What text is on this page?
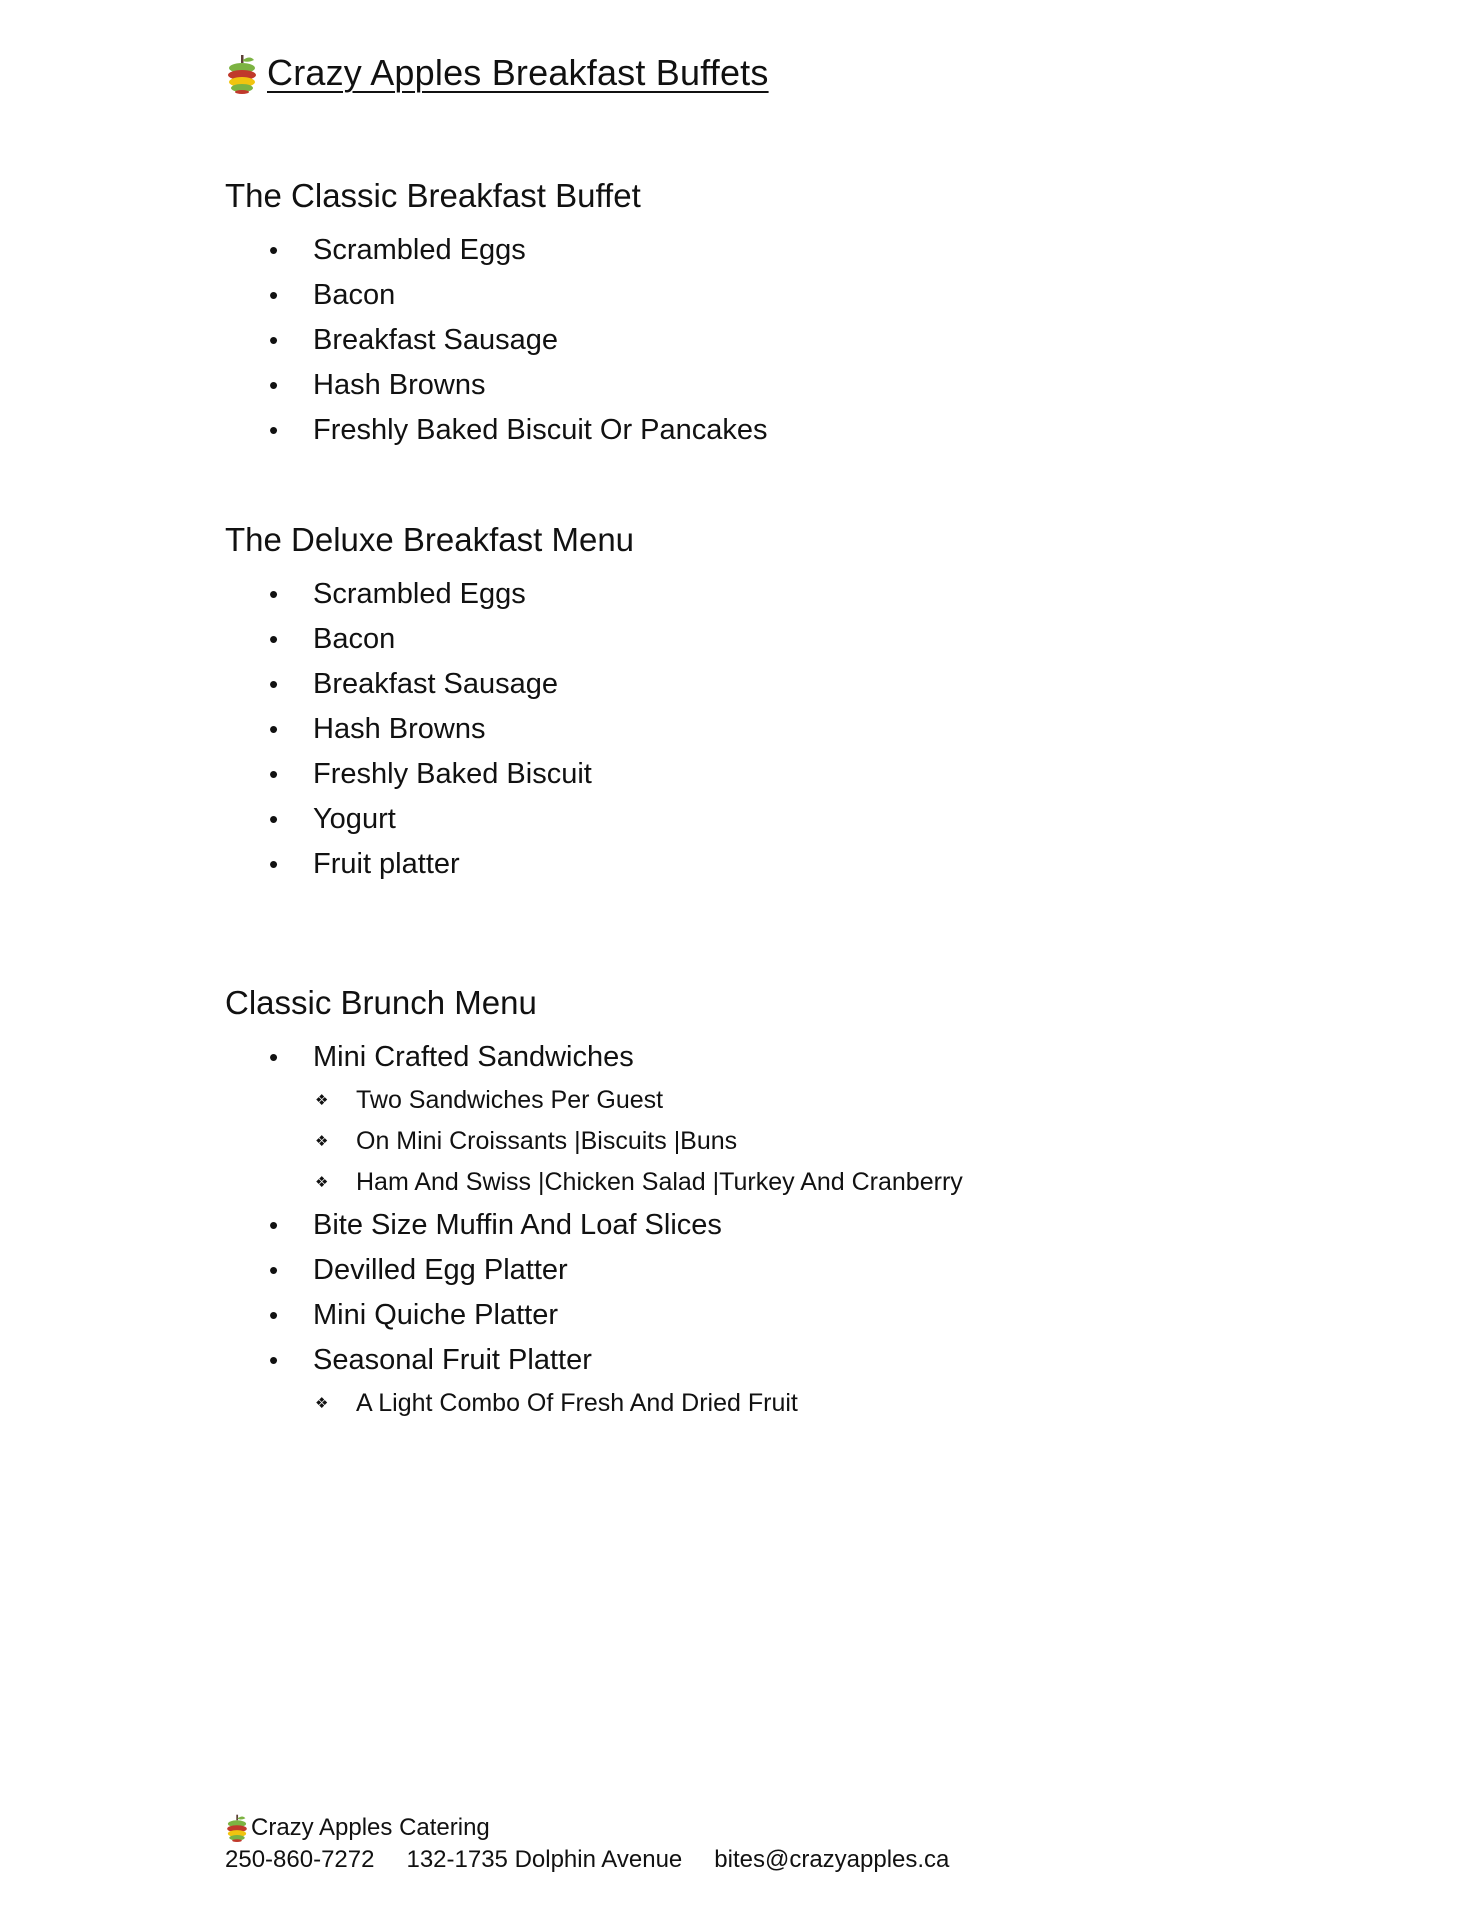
Crazy Apples Breakfast Buffets
The Classic Breakfast Buffet
• Scrambled Eggs
• Bacon
• Breakfast Sausage
• Hash Browns
• Freshly Baked Biscuit Or Pancakes
The Deluxe Breakfast Menu
• Scrambled Eggs
• Bacon
• Breakfast Sausage
• Hash Browns
• Freshly Baked Biscuit
• Yogurt
• Fruit platter
Classic Brunch Menu
• Mini Crafted Sandwiches
❖ Two Sandwiches Per Guest
❖ On Mini Croissants |Biscuits |Buns
❖ Ham And Swiss |Chicken Salad |Turkey And Cranberry
• Bite Size Muffin And Loaf Slices
• Devilled Egg Platter
• Mini Quiche Platter
• Seasonal Fruit Platter
❖ A Light Combo Of Fresh And Dried Fruit
Crazy Apples Catering
250-860-7272 132-1735 Dolphin Avenue bites@crazyapples.ca
